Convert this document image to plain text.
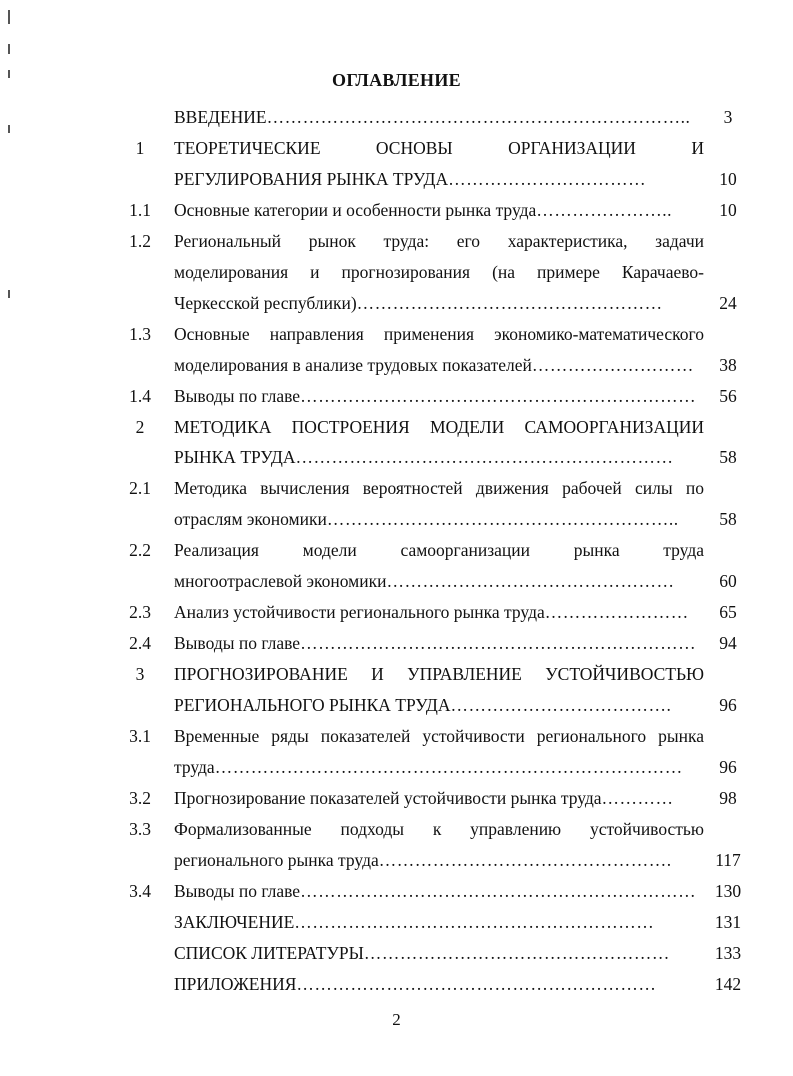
ОГЛАВЛЕНИЕ
ВВЕДЕНИЕ……………………………………………………………..	3
1	ТЕОРЕТИЧЕСКИЕ ОСНОВЫ ОРГАНИЗАЦИИ И
РЕГУЛИРОВАНИЯ РЫНКА ТРУДА……………………………	10
1.1	Основные категории и особенности рынка труда…………………..	10
1.2	Региональный рынок труда: его характеристика, задачи
моделирования и прогнозирования (на примере Карачаево-
Черкесской республики)……………………………………………	24
1.3	Основные направления применения экономико-математического
моделирования в анализе трудовых показателей………………………	38
1.4	Выводы по главе…………………………………………………………	56
2	МЕТОДИКА ПОСТРОЕНИЯ МОДЕЛИ САМООРГАНИЗАЦИИ
РЫНКА ТРУДА………………………………………………………	58
2.1	Методика вычисления вероятностей движения рабочей силы по
отраслям экономики…………………………………………………..	58
2.2	Реализация модели самоорганизации рынка труда
многоотраслевой экономики…………………………………………	60
2.3	Анализ устойчивости регионального рынка труда……………………	65
2.4	Выводы по главе…………………………………………………………	94
3	ПРОГНОЗИРОВАНИЕ И УПРАВЛЕНИЕ УСТОЙЧИВОСТЬЮ
РЕГИОНАЛЬНОГО РЫНКА ТРУДА……………………………….	96
3.1	Временные ряды показателей устойчивости регионального рынка
труда……………………………………………………………………	96
3.2	Прогнозирование показателей устойчивости рынка труда…………	98
3.3	Формализованные подходы к управлению устойчивостью
регионального рынка труда………………………………………….	117
3.4	Выводы по главе…………………………………………………………	130
ЗАКЛЮЧЕНИЕ……………………………………………………	131
СПИСОК ЛИТЕРАТУРЫ……………………………………………	133
ПРИЛОЖЕНИЯ……………………………………………………	142
2
